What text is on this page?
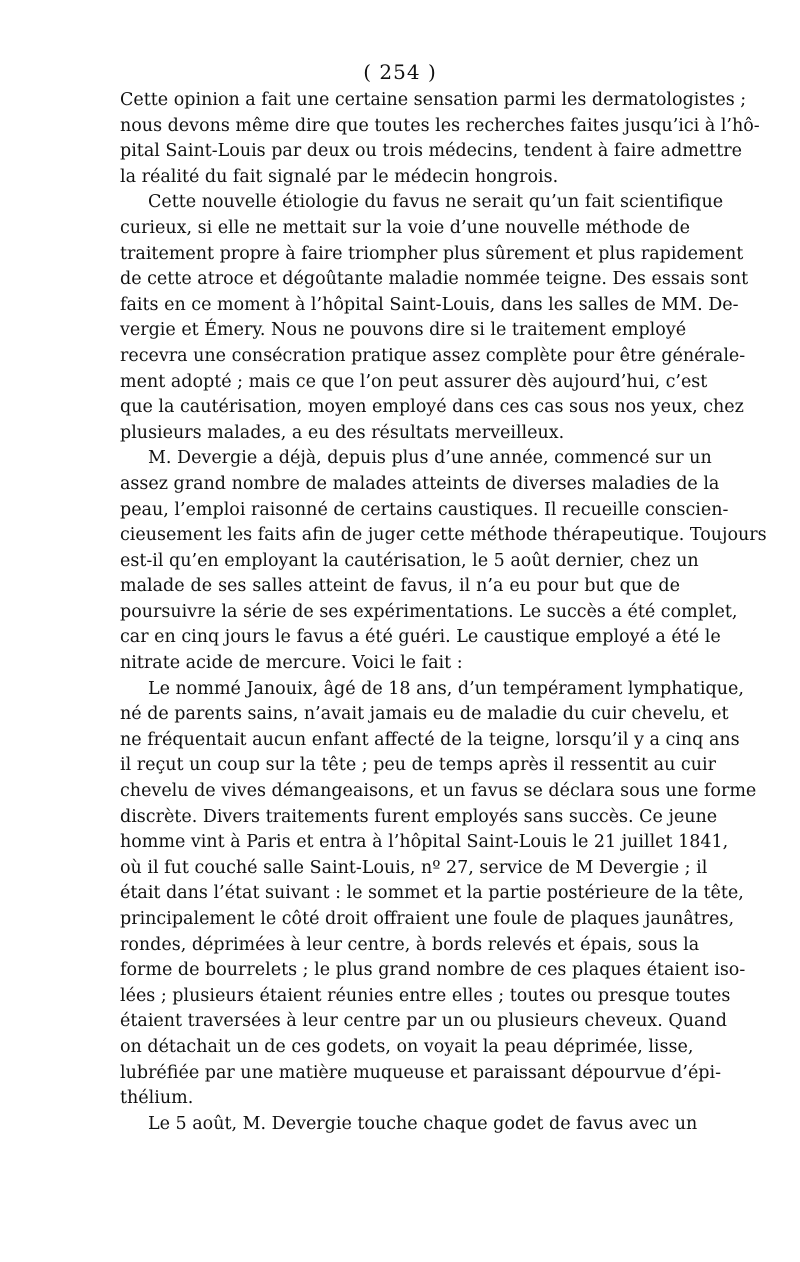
( 254 )
Cette opinion a fait une certaine sensation parmi les dermatologistes ;
nous devons même dire que toutes les recherches faites jusqu’ici à l’hô-
pital Saint-Louis par deux ou trois médecins, tendent à faire admettre
la réalité du fait signalé par le médecin hongrois.
Cette nouvelle étiologie du favus ne serait qu’un fait scientifique
curieux, si elle ne mettait sur la voie d’une nouvelle méthode de
traitement propre à faire triompher plus sûrement et plus rapidement
de cette atroce et dégoûtante maladie nommée teigne. Des essais sont
faits en ce moment à l’hôpital Saint-Louis, dans les salles de MM. De-
vergie et Émery. Nous ne pouvons dire si le traitement employé
recevra une consécration pratique assez complète pour être générale-
ment adopté ; mais ce que l’on peut assurer dès aujourd’hui, c’est
que la cautérisation, moyen employé dans ces cas sous nos yeux, chez
plusieurs malades, a eu des résultats merveilleux.
M. Devergie a déjà, depuis plus d’une année, commencé sur un
assez grand nombre de malades atteints de diverses maladies de la
peau, l’emploi raisonné de certains caustiques. Il recueille conscien-
cieusement les faits afin de juger cette méthode thérapeutique. Toujours
est-il qu’en employant la cautérisation, le 5 août dernier, chez un
malade de ses salles atteint de favus, il n’a eu pour but que de
poursuivre la série de ses expérimentations. Le succès a été complet,
car en cinq jours le favus a été guéri. Le caustique employé a été le
nitrate acide de mercure. Voici le fait :
Le nommé Janouix, âgé de 18 ans, d’un tempérament lymphatique,
né de parents sains, n’avait jamais eu de maladie du cuir chevelu, et
ne fréquentait aucun enfant affecté de la teigne, lorsqu’il y a cinq ans
il reçut un coup sur la tête ; peu de temps après il ressentit au cuir
chevelu de vives démangeaisons, et un favus se déclara sous une forme
discrète. Divers traitements furent employés sans succès. Ce jeune
homme vint à Paris et entra à l’hôpital Saint-Louis le 21 juillet 1841,
où il fut couché salle Saint-Louis, nº 27, service de M Devergie ; il
était dans l’état suivant : le sommet et la partie postérieure de la tête,
principalement le côté droit offraient une foule de plaques jaunâtres,
rondes, déprimées à leur centre, à bords relevés et épais, sous la
forme de bourrelets ; le plus grand nombre de ces plaques étaient iso-
lées ; plusieurs étaient réunies entre elles ; toutes ou presque toutes
étaient traversées à leur centre par un ou plusieurs cheveux. Quand
on détachait un de ces godets, on voyait la peau déprimée, lisse,
lubréfiée par une matière muqueuse et paraissant dépourvue d’épi-
thélium.
Le 5 août, M. Devergie touche chaque godet de favus avec un
